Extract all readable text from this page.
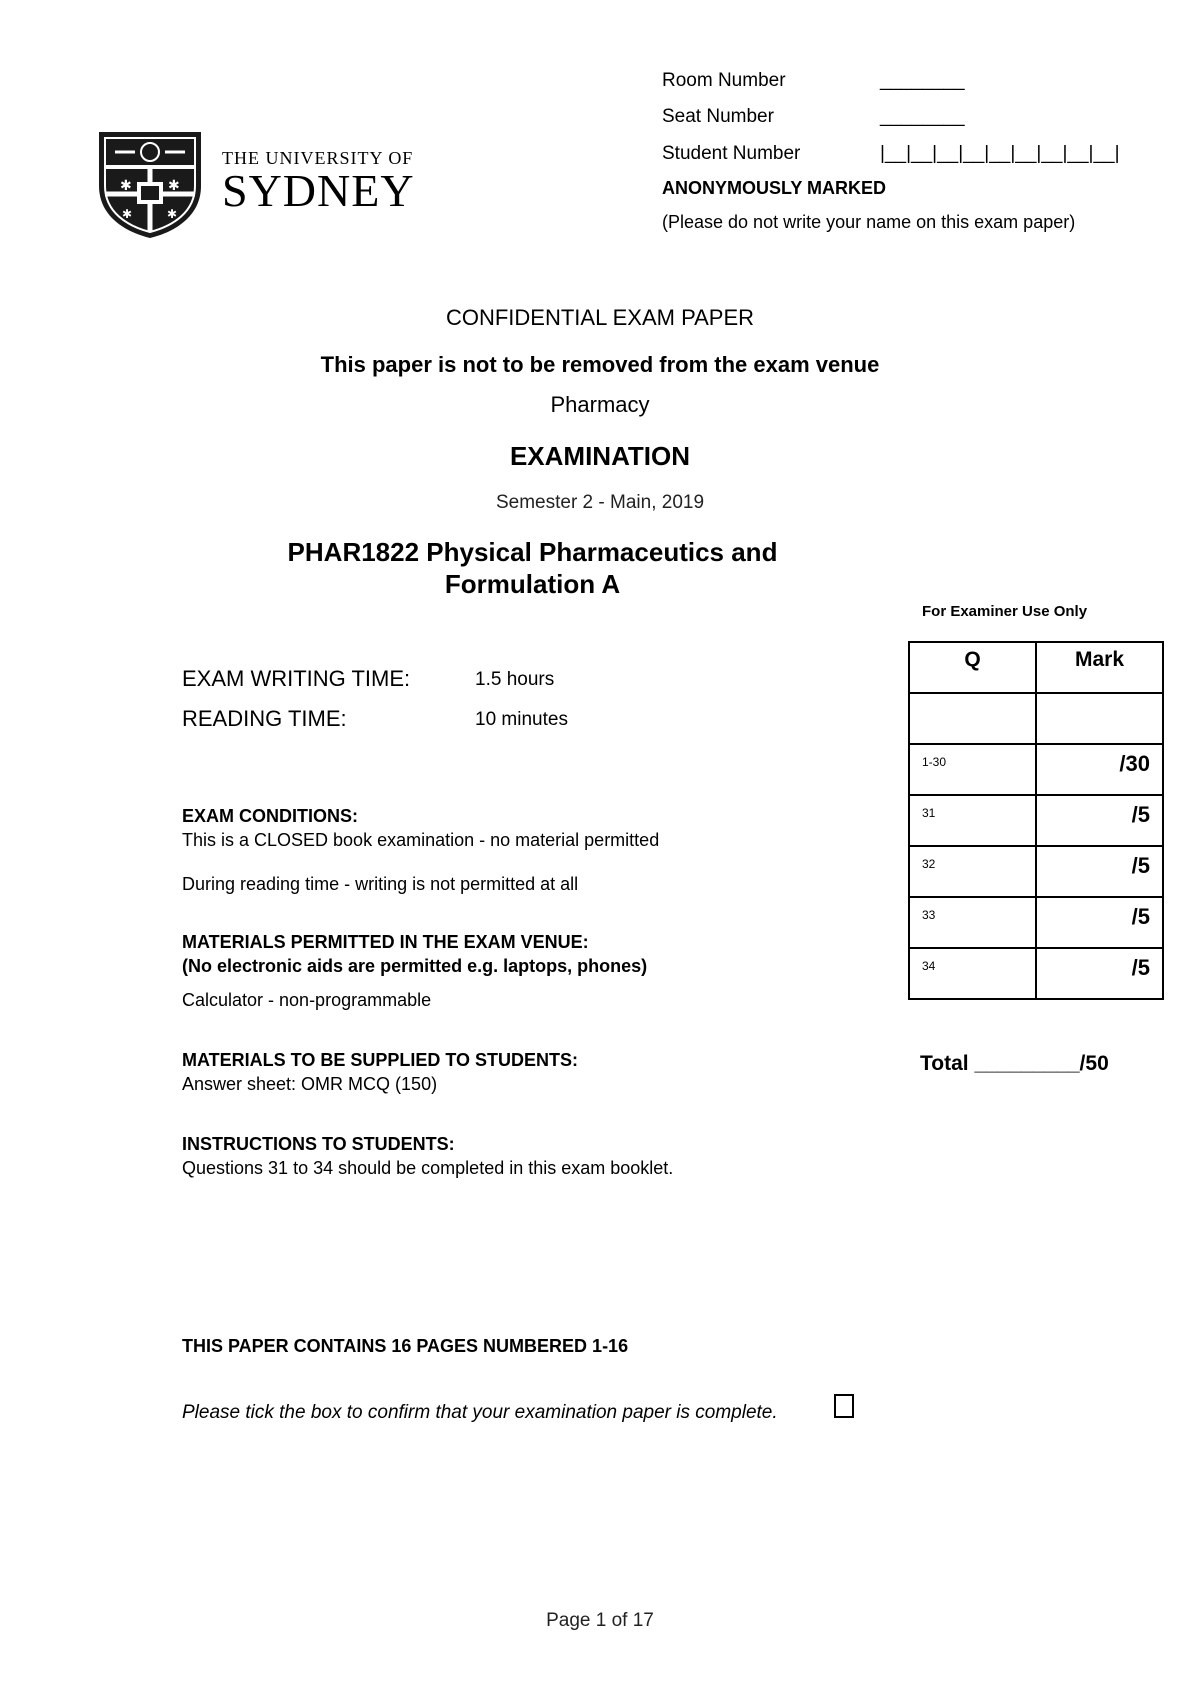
✱	✱
✱	✱
THE UNIVERSITY OF
SYDNEY
Room Number	________
Seat Number	________
Student Number	|__|__|__|__|__|__|__|__|__|
ANONYMOUSLY MARKED
(Please do not write your name on this exam paper)
CONFIDENTIAL EXAM PAPER
This paper is not to be removed from the exam venue
Pharmacy
EXAMINATION
Semester 2 - Main, 2019
PHAR1822 Physical Pharmaceutics and
Formulation A
EXAM WRITING TIME:	1.5 hours
READING TIME:	10 minutes
EXAM CONDITIONS:
This is a CLOSED book examination - no material permitted
During reading time - writing is not permitted at all
MATERIALS PERMITTED IN THE EXAM VENUE:
(No electronic aids are permitted e.g. laptops, phones)
Calculator - non-programmable
MATERIALS TO BE SUPPLIED TO STUDENTS:
Answer sheet: OMR MCQ (150)
INSTRUCTIONS TO STUDENTS:
Questions 31 to 34 should be completed in this exam booklet.
For Examiner Use Only
Q	Mark

1-30	/30
31	/5
32	/5
33	/5
34	/5
Total _________/50
THIS PAPER CONTAINS 16 PAGES NUMBERED 1-16
Please tick the box to confirm that your examination paper is complete.
Page 1 of 17
